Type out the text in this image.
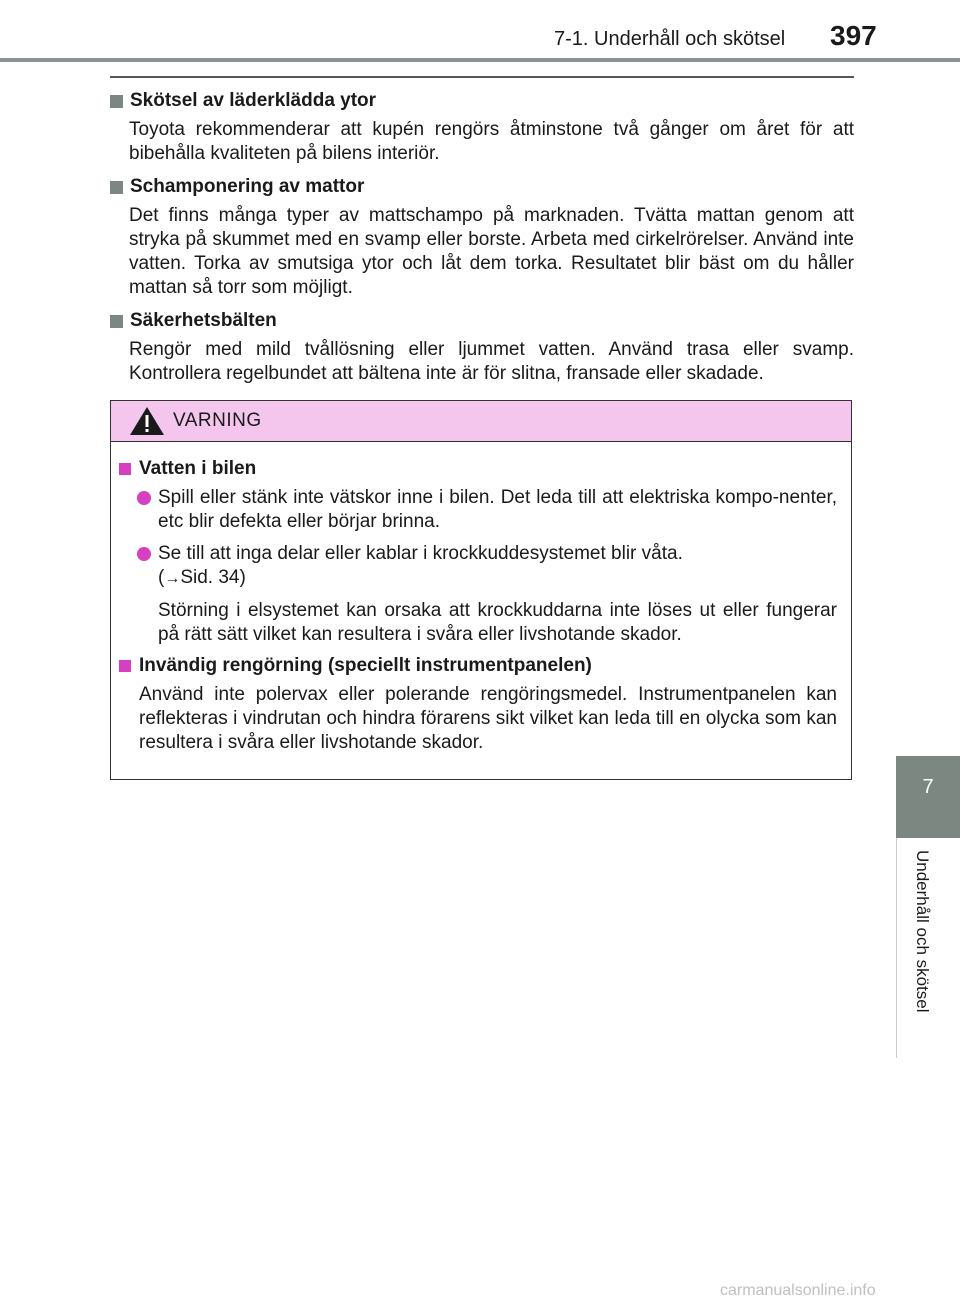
7-1. Underhåll och skötsel 397
7
Underhåll och skötsel
Skötsel av läderklädda ytor

Toyota rekommenderar att kupén rengörs åtminstone två gånger om året för att bibehålla kvaliteten på bilens interiör.

Schamponering av mattor

Det finns många typer av mattschampo på marknaden. Tvätta mattan genom att stryka på skummet med en svamp eller borste. Arbeta med cirkelrörelser. Använd inte vatten. Torka av smutsiga ytor och låt dem torka. Resultatet blir bäst om du håller mattan så torr som möjligt.

Säkerhetsbälten

Rengör med mild tvållösning eller ljummet vatten. Använd trasa eller svamp. Kontrollera regelbundet att bältena inte är för slitna, fransade eller skadade.

VARNING
Vatten i bilen
Spill eller stänk inte vätskor inne i bilen. Det leda till att elektriska kompo-nenter, etc blir defekta eller börjar brinna.
Se till att inga delar eller kablar i krockkuddesystemet blir våta.
(→Sid. 34)

Störning i elsystemet kan orsaka att krockkuddarna inte löses ut eller fungerar på rätt sätt vilket kan resultera i svåra eller livshotande skador.

Invändig rengörning (speciellt instrumentpanelen)

Använd inte polervax eller polerande rengöringsmedel. Instrumentpanelen kan reflekteras i vindrutan och hindra förarens sikt vilket kan leda till en olycka som kan resultera i svåra eller livshotande skador.

carmanualsonline.info
